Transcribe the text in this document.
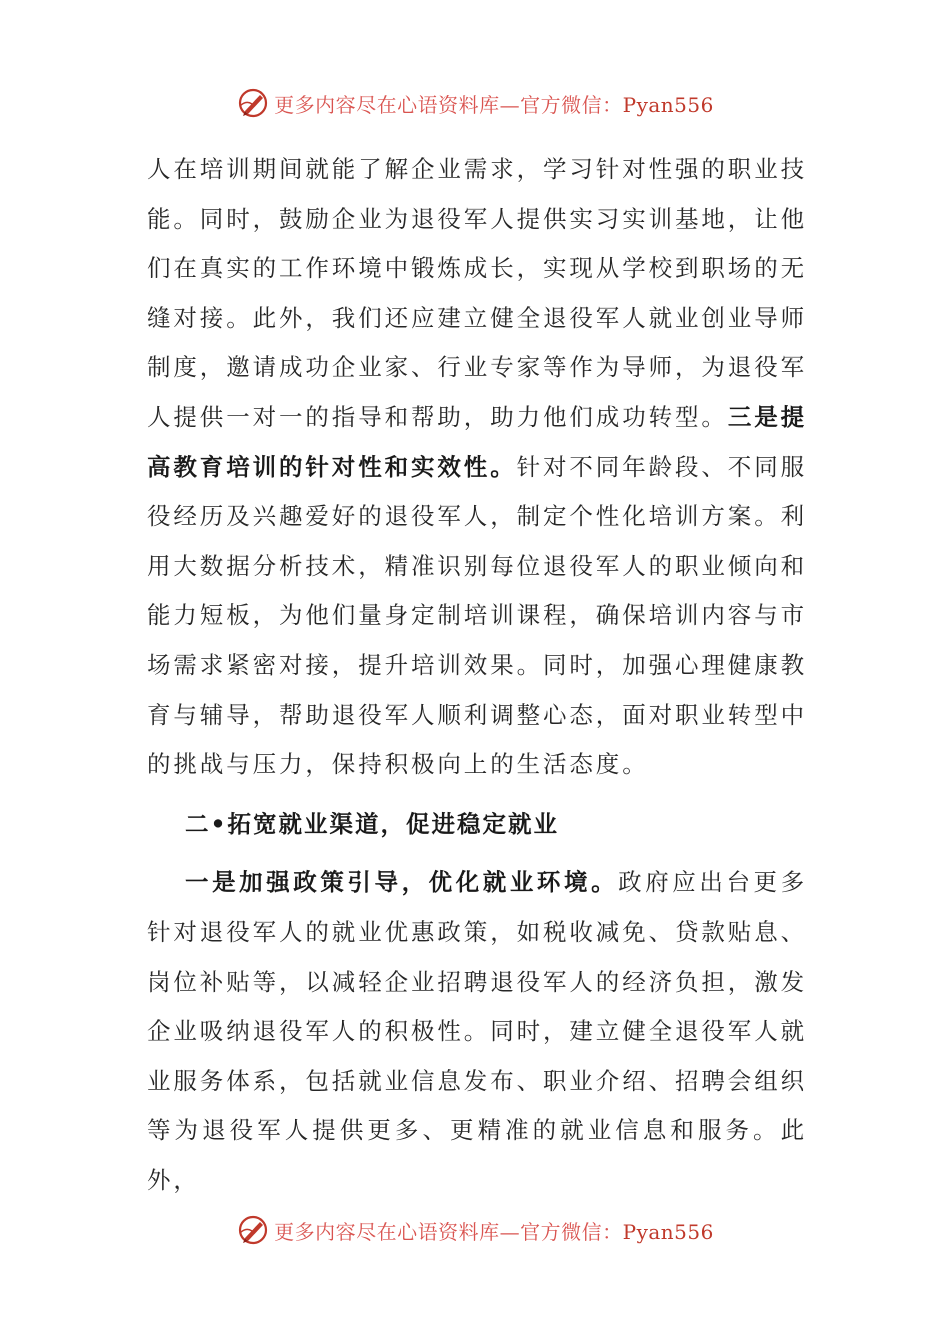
更多内容尽在心语资料库—官方微信：Pyan556

人在培训期间就能了解企业需求，学习针对性强的职业技能。同时，鼓励企业为退役军人提供实习实训基地，让他们在真实的工作环境中锻炼成长，实现从学校到职场的无缝对接。此外，我们还应建立健全退役军人就业创业导师制度，邀请成功企业家、行业专家等作为导师，为退役军人提供一对一的指导和帮助，助力他们成功转型。三是提高教育培训的针对性和实效性。针对不同年龄段、不同服役经历及兴趣爱好的退役军人，制定个性化培训方案。利用大数据分析技术，精准识别每位退役军人的职业倾向和能力短板，为他们量身定制培训课程，确保培训内容与市场需求紧密对接，提升培训效果。同时，加强心理健康教育与辅导，帮助退役军人顺利调整心态，面对职业转型中的挑战与压力，保持积极向上的生活态度。

二•拓宽就业渠道，促进稳定就业

一是加强政策引导，优化就业环境。政府应出台更多针对退役军人的就业优惠政策，如税收减免、贷款贴息、岗位补贴等，以减轻企业招聘退役军人的经济负担，激发企业吸纳退役军人的积极性。同时，建立健全退役军人就业服务体系，包括就业信息发布、职业介绍、招聘会组织等为退役军人提供更多、更精准的就业信息和服务。此外，

更多内容尽在心语资料库—官方微信：Pyan556
